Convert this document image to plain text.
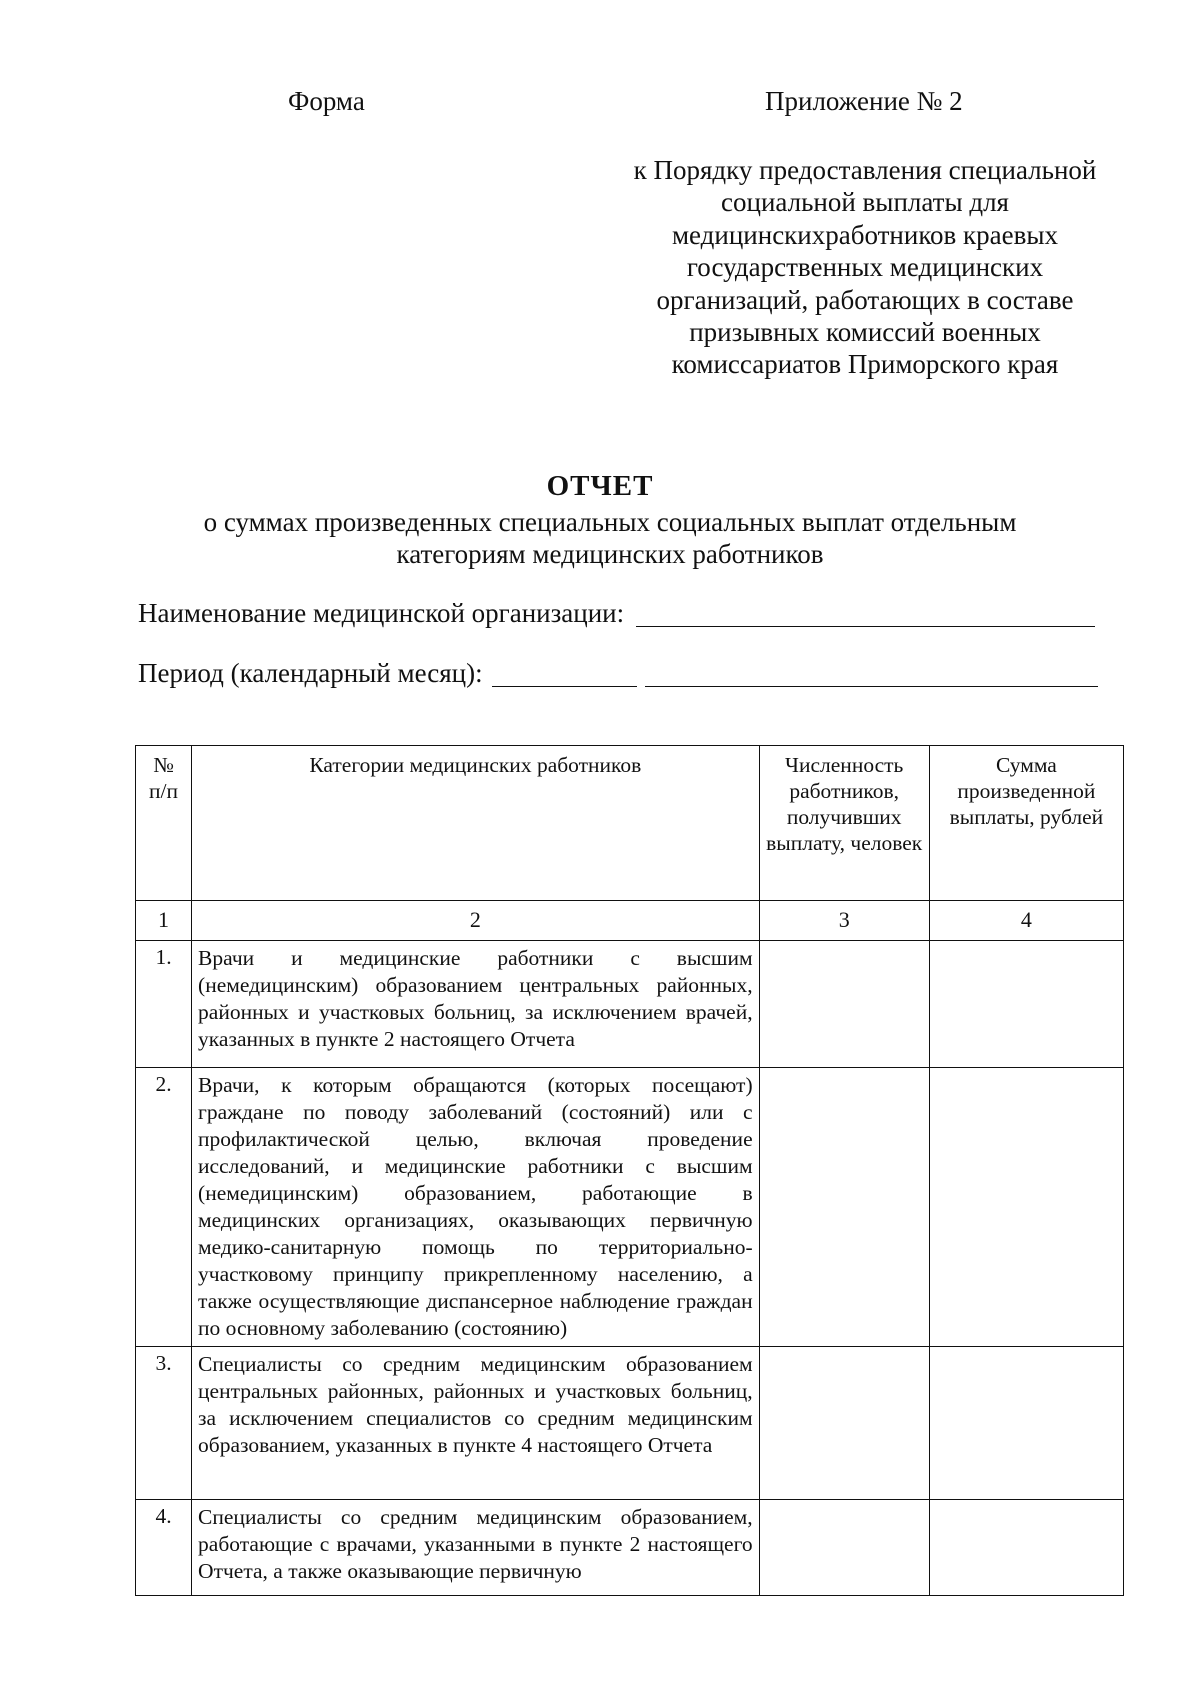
Форма	Приложение № 2
к Порядку предоставления специальной социальной выплаты для медицинскихработников краевых государственных медицинских организаций, работающих в составе призывных комиссий военных комиссариатов Приморского края
ОТЧЕТ
о суммах произведенных специальных социальных выплат отдельным категориям медицинских работников
Наименование медицинской организации:
Период (календарный месяц):
№ п/п	Категории медицинских работников	Численность работников, получивших выплату, человек	Сумма произведенной выплаты, рублей
1	2	3	4
1.	Врачи и медицинские работники с высшим (немедицинским) образованием центральных районных, районных и участковых больниц, за исключением врачей, указанных в пункте 2 настоящего Отчета		
2.	Врачи, к которым обращаются (которых посещают) граждане по поводу заболеваний (состояний) или с профилактической целью, включая проведение исследований, и медицинские работники с высшим (немедицинским) образованием, работающие в медицинских организациях, оказывающих первичную медико-санитарную помощь по территориально-участковому принципу прикрепленному населению, а также осуществляющие диспансерное наблюдение граждан по основному заболеванию (состоянию)		
3.	Специалисты со средним медицинским образованием центральных районных, районных и участковых больниц, за исключением специалистов со средним медицинским образованием, указанных в пункте 4 настоящего Отчета		
4.	Специалисты со средним медицинским образованием, работающие с врачами, указанными в пункте 2 настоящего Отчета, а также оказывающие первичную		
